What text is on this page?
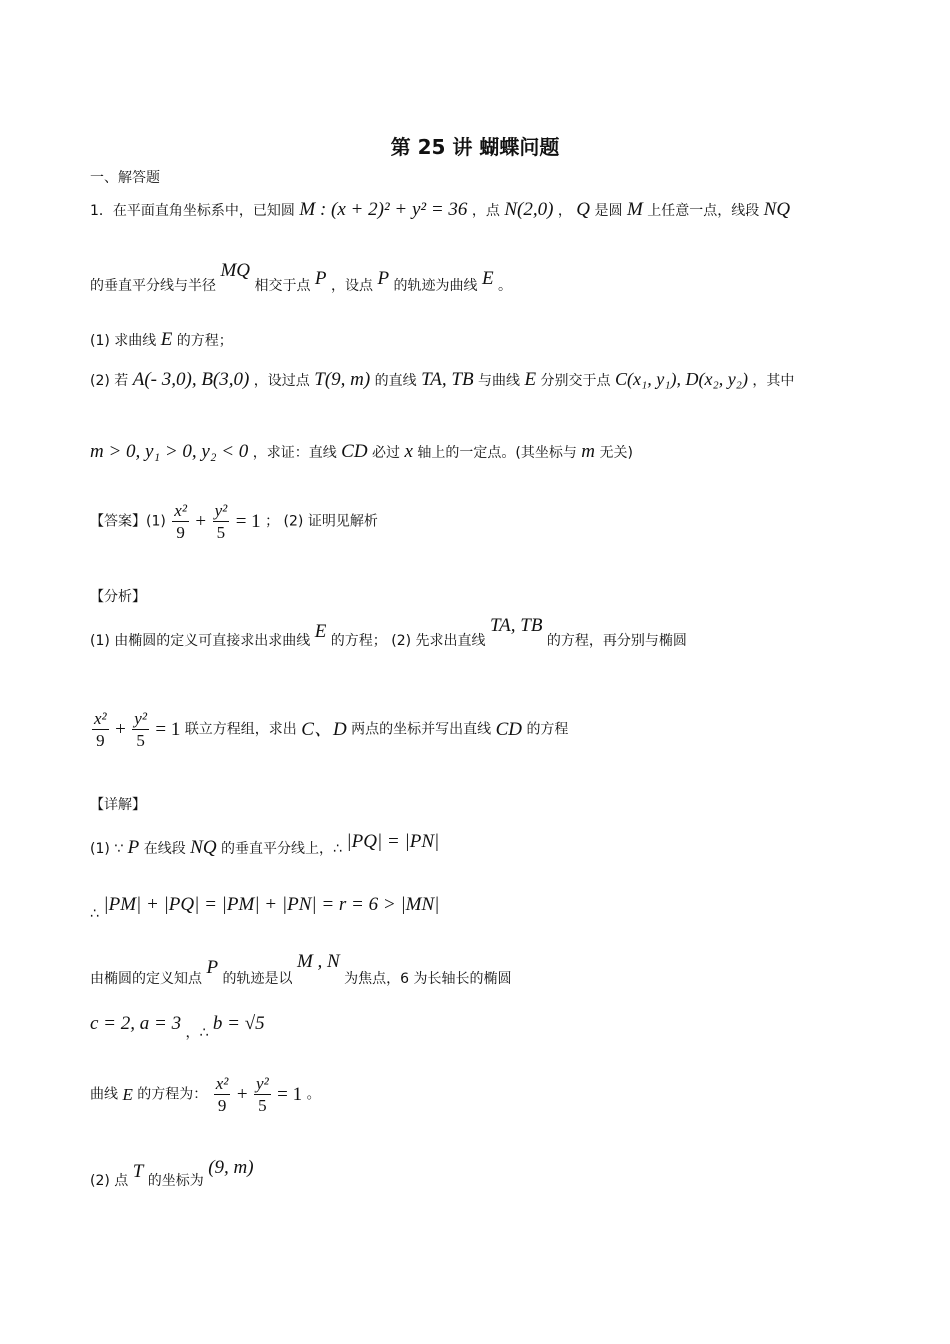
第 25 讲 蝴蝶问题
一、解答题
1．在平面直角坐标系中，已知圆 M : (x + 2)² + y² = 36 ，点 N(2,0) ， Q 是圆 M 上任意一点，线段 NQ
的垂直平分线与半径 MQ 相交于点 P ，设点 P 的轨迹为曲线 E 。
(1) 求曲线 E 的方程；
(2) 若 A(- 3,0), B(3,0) ，设过点 T(9, m) 的直线 TA, TB 与曲线 E 分别交于点 C(x₁, y₁), D(x₂, y₂) ，其中
m > 0, y₁ > 0, y₂ < 0 ，求证：直线 CD 必过 x 轴上的一定点。(其坐标与 m 无关)
【答案】$(1) \frac{\text{x²}}{9} + \frac{\text{y²}}{5} = 1$ ； (2) 证明见解析
【分析】
(1) 由椭圆的定义可直接求出求曲线 E 的方程； (2) 先求出直线 TA, TB 的方程，再分别与椭圆
$\frac{\text{x²}}{9} + \frac{\text{y²}}{5} = 1$ 联立方程组，求出 C、D 两点的坐标并写出直线 CD 的方程
【详解】
(1) ∵ P 在线段 NQ 的垂直平分线上，∴ |PQ| = |PN|
∴ |PM| + |PQ| = |PM| + |PN| = r = 6 > |MN|
由椭圆的定义知点 P 的轨迹是以 M , N 为焦点，6 为长轴长的椭圆
c = 2, a = 3 ，∴ b = √5
曲线 E 的方程为： $\frac{\text{x²}}{9} + \frac{\text{y²}}{5} = 1$ 。
(2) 点 T 的坐标为 (9, m)
